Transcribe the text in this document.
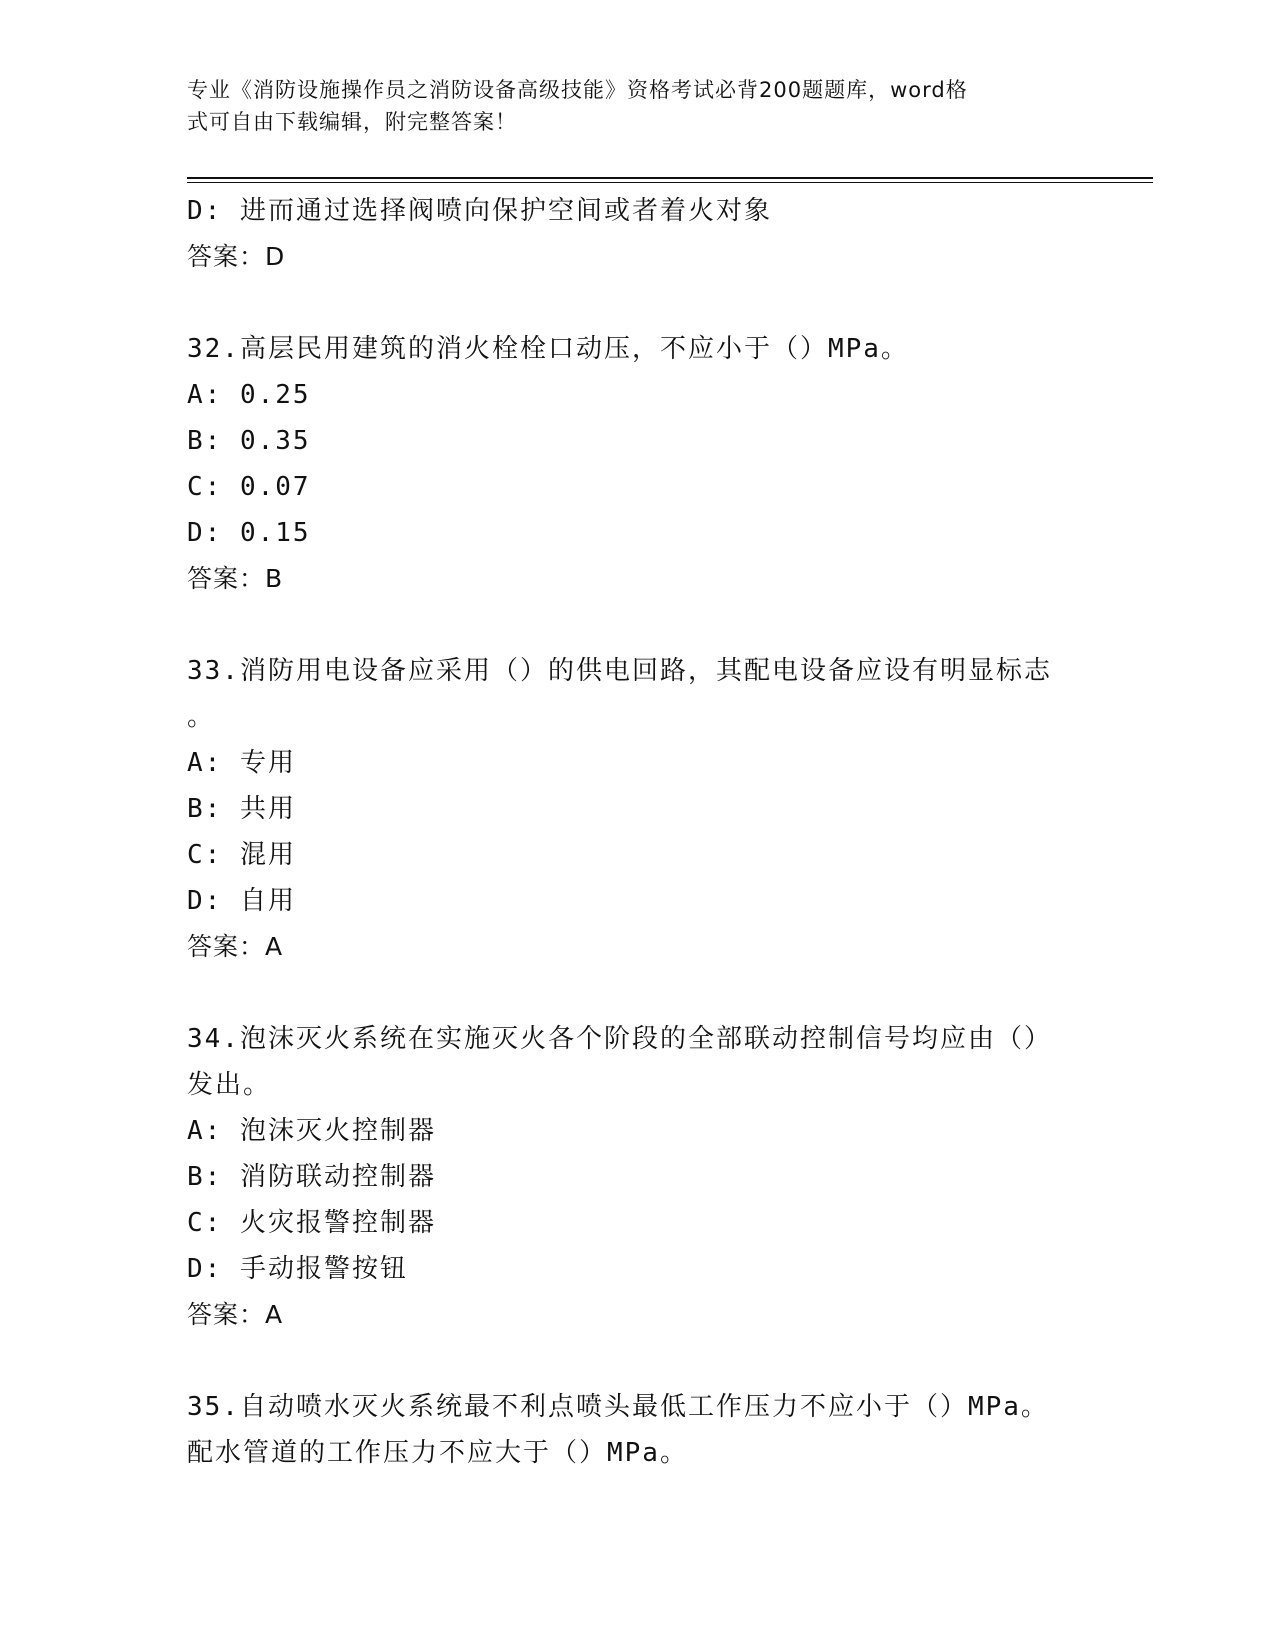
专业《消防设施操作员之消防设备高级技能》资格考试必背200题题库，word格
式可自由下载编辑，附完整答案！
D: 进而通过选择阀喷向保护空间或者着火对象
答案：D
32.高层民用建筑的消火栓栓口动压，不应小于（）MPa。
A: 0.25
B: 0.35
C: 0.07
D: 0.15
答案：B
33.消防用电设备应采用（）的供电回路，其配电设备应设有明显标志
。
A: 专用
B: 共用
C: 混用
D: 自用
答案：A
34.泡沫灭火系统在实施灭火各个阶段的全部联动控制信号均应由（）
发出。
A: 泡沫灭火控制器
B: 消防联动控制器
C: 火灾报警控制器
D: 手动报警按钮
答案：A
35.自动喷水灭火系统最不利点喷头最低工作压力不应小于（）MPa。
配水管道的工作压力不应大于（）MPa。
